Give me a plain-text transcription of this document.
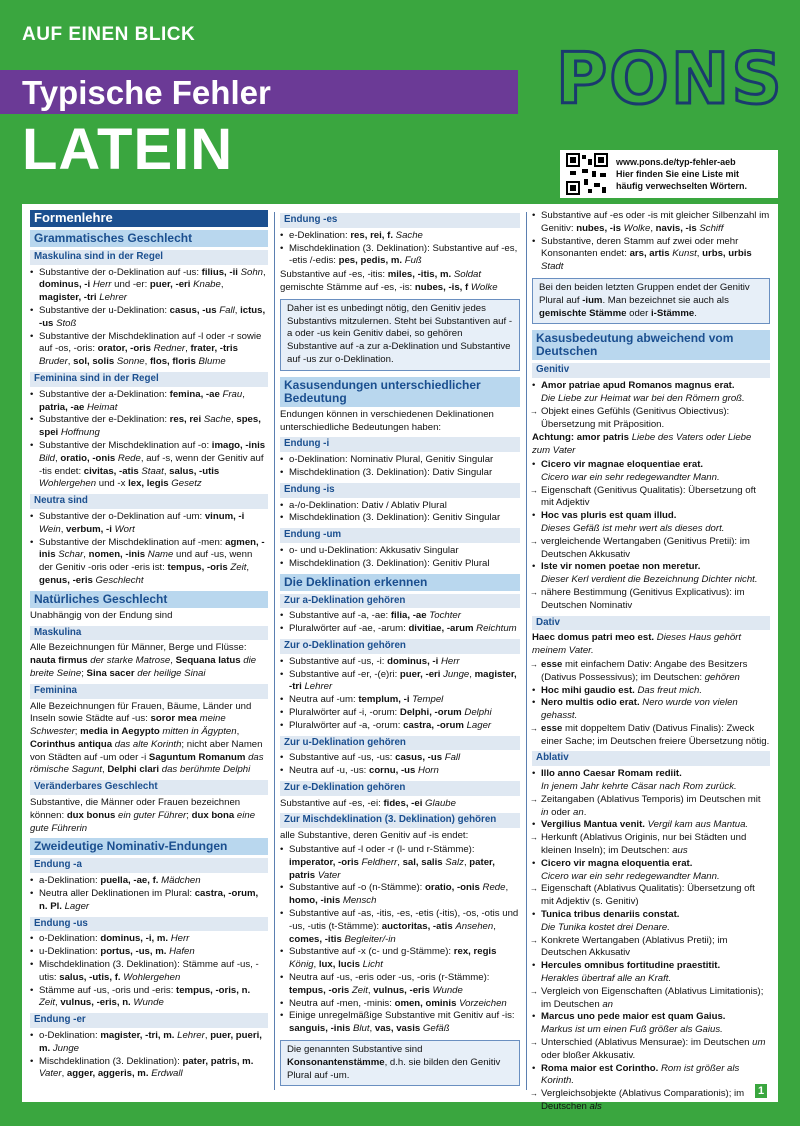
AUF EINEN BLICK
Typische Fehler
LATEIN
PONS
www.pons.de/typ-fehler-aeb
Hier finden Sie eine Liste mit
häufig verwechselten Wörtern.
Formenlehre
Grammatisches Geschlecht
Maskulina sind in der Regel
• Substantive der o-Deklination auf -us: filius, -ii Sohn, dominus, -i Herr und -er: puer, -eri Knabe, magister, -tri Lehrer
• Substantive der u-Deklination: casus, -us Fall, ictus, -us Stoß
• Substantive der Mischdeklination auf -l oder -r sowie auf -os, -oris: orator, -oris Redner, frater, -tris Bruder, sol, solis Sonne, flos, floris Blume
Feminina sind in der Regel
• Substantive der a-Deklination: femina, -ae Frau, patria, -ae Heimat
• Substantive der e-Deklination: res, rei Sache, spes, spei Hoffnung
• Substantive der Mischdeklination auf -o: imago, -inis Bild, oratio, -onis Rede, auf -s, wenn der Genitiv auf -tis endet: civitas, -atis Staat, salus, -utis Wohlergehen und -x lex, legis Gesetz
Neutra sind
• Substantive der o-Deklination auf -um: vinum, -i Wein, verbum, -i Wort
• Substantive der Mischdeklination auf -men: agmen, -inis Schar, nomen, -inis Name und auf -us, wenn der Genitiv -oris oder -eris ist: tempus, -oris Zeit, genus, -eris Geschlecht
Natürliches Geschlecht

Unabhängig von der Endung sind

Maskulina

Alle Bezeichnungen für Männer, Berge und Flüsse: nauta firmus der starke Matrose, Sequana latus die breite Seine; Sina sacer der heilige Sinai

Feminina

Alle Bezeichnungen für Frauen, Bäume, Länder und Inseln sowie Städte auf -us: soror mea meine Schwester; media in Aegypto mitten in Ägypten, Corinthus antiqua das alte Korinth; nicht aber Namen von Städten auf -um oder -i Saguntum Romanum das römische Sagunt, Delphi clari das berühmte Delphi

Veränderbares Geschlecht

Substantive, die Männer oder Frauen bezeichnen können: dux bonus ein guter Führer; dux bona eine gute Führerin

Zweideutige Nominativ-Endungen
Endung -a
• a-Deklination: puella, -ae, f. Mädchen
• Neutra aller Deklinationen im Plural: castra, -orum, n. Pl. Lager
Endung -us
• o-Deklination: dominus, -i, m. Herr
• u-Deklination: portus, -us, m. Hafen
• Mischdeklination (3. Deklination): Stämme auf -us, -utis: salus, -utis, f. Wohlergehen
• Stämme auf -us, -oris und -eris: tempus, -oris, n. Zeit, vulnus, -eris, n. Wunde
Endung -er
• o-Deklination: magister, -tri, m. Lehrer, puer, pueri, m. Junge
• Mischdeklination (3. Deklination): pater, patris, m. Vater, agger, aggeris, m. Erdwall
Endung -es
• e-Deklination: res, rei, f. Sache
• Mischdeklination (3. Deklination): Substantive auf -es, -etis /-edis: pes, pedis, m. Fuß

Substantive auf -es, -itis: miles, -itis, m. Soldat gemischte Stämme auf -es, -is: nubes, -is, f Wolke

Daher ist es unbedingt nötig, den Genitiv jedes Substantivs mitzulernen. Steht bei Substantiven auf -a oder -us kein Genitiv dabei, so gehören Substantive auf -a zur a-Deklination und Substantive auf -us zur o-Deklination.
Kasusendungen unterschiedlicher Bedeutung

Endungen können in verschiedenen Deklinationen unterschiedliche Bedeutungen haben:

Endung -i
• o-Deklination: Nominativ Plural, Genitiv Singular
• Mischdeklination (3. Deklination): Dativ Singular
Endung -is
• a-/o-Deklination: Dativ / Ablativ Plural
• Mischdeklination (3. Deklination): Genitiv Singular
Endung -um
• o- und u-Deklination: Akkusativ Singular
• Mischdeklination (3. Deklination): Genitiv Plural
Die Deklination erkennen
Zur a-Deklination gehören
• Substantive auf -a, -ae: filia, -ae Tochter
• Pluralwörter auf -ae, -arum: divitiae, -arum Reichtum
Zur o-Deklination gehören
• Substantive auf -us, -i: dominus, -i Herr
• Substantive auf -er, -(e)ri: puer, -eri Junge, magister, -tri Lehrer
• Neutra auf -um: templum, -i Tempel
• Pluralwörter auf -i, -orum: Delphi, -orum Delphi
• Pluralwörter auf -a, -orum: castra, -orum Lager
Zur u-Deklination gehören
• Substantive auf -us, -us: casus, -us Fall
• Neutra auf -u, -us: cornu, -us Horn
Zur e-Deklination gehören

Substantive auf -es, -ei: fides, -ei Glaube

Zur Mischdeklination (3. Deklination) gehören

alle Substantive, deren Genitiv auf -is endet:

• Substantive auf -l oder -r (l- und r-Stämme): imperator, -oris Feldherr, sal, salis Salz, pater, patris Vater
• Substantive auf -o (n-Stämme): oratio, -onis Rede, homo, -inis Mensch
• Substantive auf -as, -itis, -es, -etis (-itis), -os, -otis und -us, -utis (t-Stämme): auctoritas, -atis Ansehen, comes, -itis Begleiter/-in
• Substantive auf -x (c- und g-Stämme): rex, regis König, lux, lucis Licht
• Neutra auf -us, -eris oder -us, -oris (r-Stämme): tempus, -oris Zeit, vulnus, -eris Wunde
• Neutra auf -men, -minis: omen, ominis Vorzeichen
• Einige unregelmäßige Substantive mit Genitiv auf -is: sanguis, -inis Blut, vas, vasis Gefäß
Die genannten Substantive sind Konsonantenstämme, d.h. sie bilden den Genitiv Plural auf -um.
• Substantive auf -es oder -is mit gleicher Silbenzahl im Genitiv: nubes, -is Wolke, navis, -is Schiff
• Substantive, deren Stamm auf zwei oder mehr Konsonanten endet: ars, artis Kunst, urbs, urbis Stadt
Bei den beiden letzten Gruppen endet der Genitiv Plural auf -ium. Man bezeichnet sie auch als gemischte Stämme oder i-Stämme.
Kasusbedeutung abweichend vom Deutschen
Genitiv
• Amor patriae apud Romanos magnus erat.
Die Liebe zur Heimat war bei den Römern groß.
→ Objekt eines Gefühls (Genitivus Obiectivus): Übersetzung mit Präposition.

Achtung: amor patris Liebe des Vaters oder Liebe zum Vater

• Cicero vir magnae eloquentiae erat.
Cicero war ein sehr redegewandter Mann.
→ Eigenschaft (Genitivus Qualitatis): Übersetzung oft mit Adjektiv
• Hoc vas pluris est quam illud.
Dieses Gefäß ist mehr wert als dieses dort.
→ vergleichende Wertangaben (Genitivus Pretii): im Deutschen Akkusativ
• Iste vir nomen poetae non meretur.
Dieser Kerl verdient die Bezeichnung Dichter nicht.
→ nähere Bestimmung (Genitivus Explicativus): im Deutschen Nominativ
Dativ

Haec domus patri meo est. Dieses Haus gehört meinem Vater.

→ esse mit einfachem Dativ: Angabe des Besitzers (Dativus Possessivus); im Deutschen: gehören
• Hoc mihi gaudio est. Das freut mich.
• Nero multis odio erat. Nero wurde von vielen gehasst.
→ esse mit doppeltem Dativ (Dativus Finalis): Zweck einer Sache; im Deutschen freiere Übersetzung nötig.
Ablativ
• Illo anno Caesar Romam rediit.
In jenem Jahr kehrte Cäsar nach Rom zurück.
→ Zeitangaben (Ablativus Temporis) im Deutschen mit in oder an.
• Vergilius Mantua venit. Vergil kam aus Mantua.
→ Herkunft (Ablativus Originis, nur bei Städten und kleinen Inseln); im Deutschen: aus
• Cicero vir magna eloquentia erat.
Cicero war ein sehr redegewandter Mann.
→ Eigenschaft (Ablativus Qualitatis): Übersetzung oft mit Adjektiv (s. Genitiv)
• Tunica tribus denariis constat.
Die Tunika kostet drei Denare.
→ Konkrete Wertangaben (Ablativus Pretii); im Deutschen Akkusativ
• Hercules omnibus fortitudine praestitit.
Herakles übertraf alle an Kraft.
→ Vergleich von Eigenschaften (Ablativus Limitationis); im Deutschen an
• Marcus uno pede maior est quam Gaius.
Markus ist um einen Fuß größer als Gaius.
→ Unterschied (Ablativus Mensurae): im Deutschen um oder bloßer Akkusativ.
• Roma maior est Corintho. Rom ist größer als Korinth.
→ Vergleichsobjekte (Ablativus Comparationis); im Deutschen als
1
